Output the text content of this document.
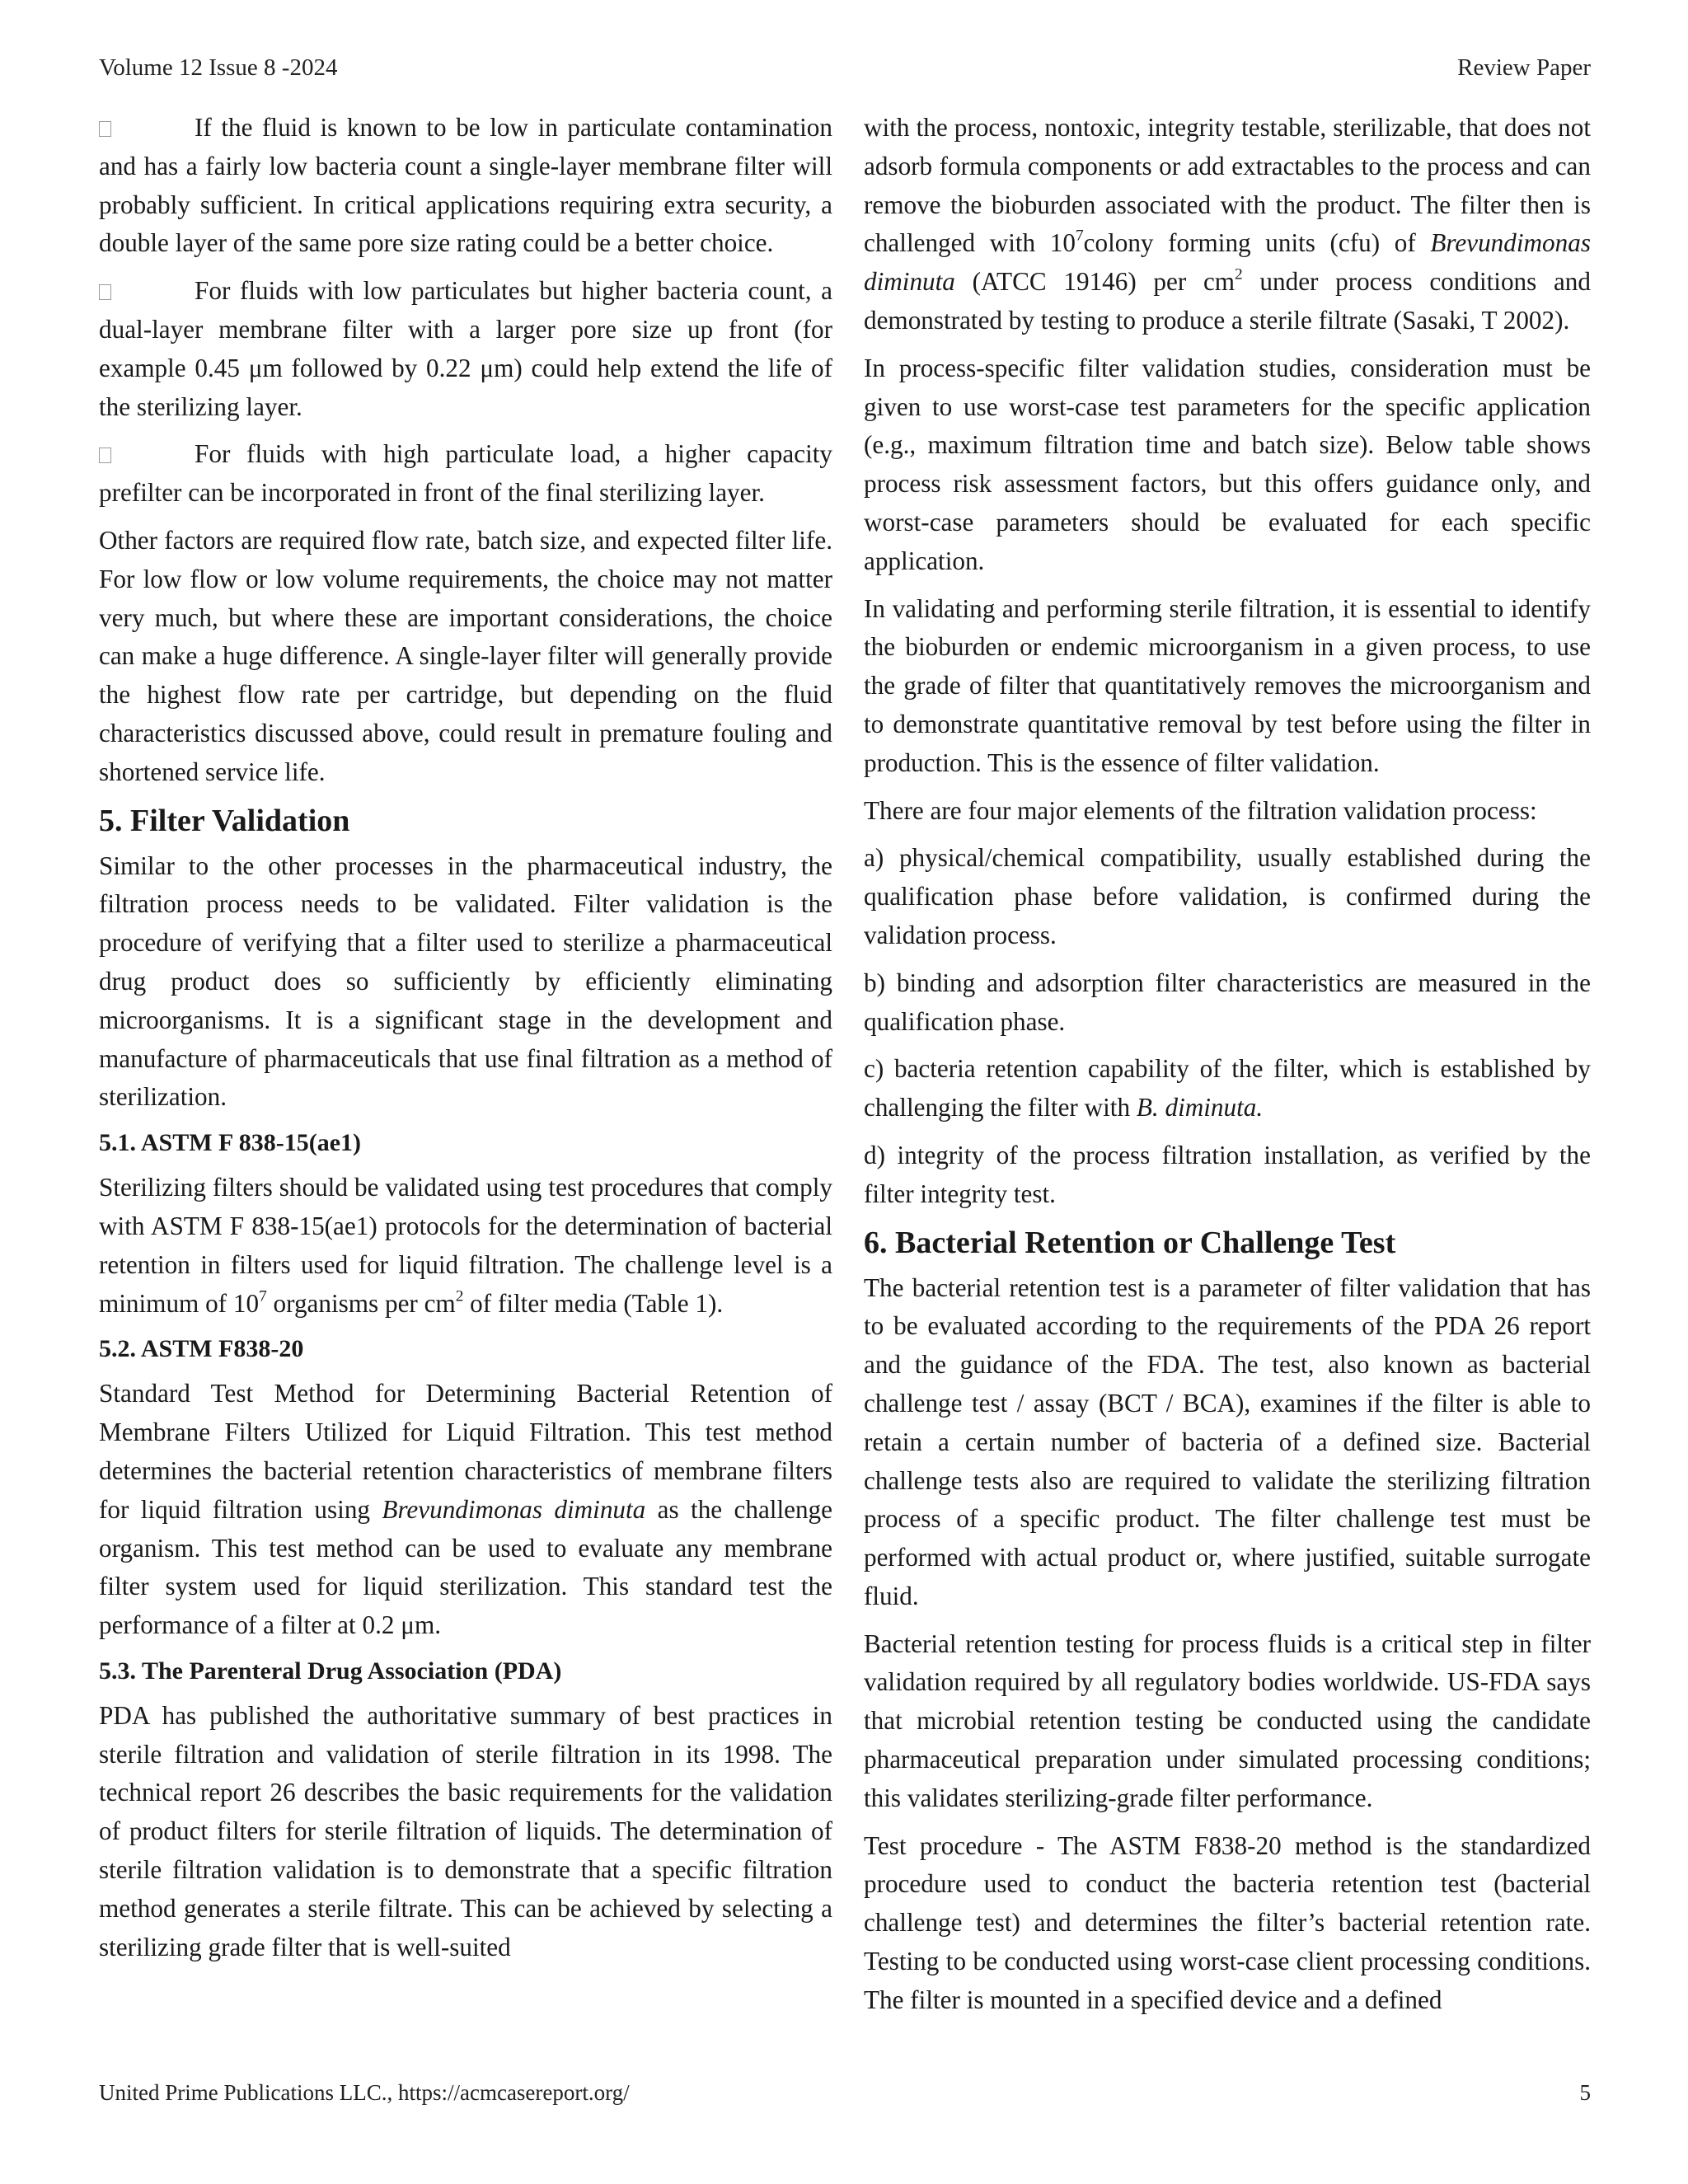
Volume 12 Issue 8 -2024	Review Paper

If the fluid is known to be low in particulate contamination and has a fairly low bacteria count a single-layer membrane filter will probably sufficient. In critical applications requiring extra security, a double layer of the same pore size rating could be a better choice.

For fluids with low particulates but higher bacteria count, a dual-layer membrane filter with a larger pore size up front (for example 0.45 μm followed by 0.22 μm) could help extend the life of the sterilizing layer.

For fluids with high particulate load, a higher capacity prefilter can be incorporated in front of the final sterilizing layer.

Other factors are required flow rate, batch size, and expected filter life. For low flow or low volume requirements, the choice may not matter very much, but where these are important considerations, the choice can make a huge difference. A single-layer filter will generally provide the highest flow rate per cartridge, but depending on the fluid characteristics discussed above, could result in premature fouling and shortened service life.

5. Filter Validation

Similar to the other processes in the pharmaceutical industry, the filtration process needs to be validated. Filter validation is the procedure of verifying that a filter used to sterilize a pharmaceutical drug product does so sufficiently by efficiently eliminating microorganisms. It is a significant stage in the development and manufacture of pharmaceuticals that use final filtration as a method of sterilization.

5.1. ASTM F 838-15(ae1)

Sterilizing filters should be validated using test procedures that comply with ASTM F 838-15(ae1) protocols for the determination of bacterial retention in filters used for liquid filtration. The challenge level is a minimum of $10^7$ organisms per $cm^2$ of filter media (Table 1).

5.2. ASTM F838-20

Standard Test Method for Determining Bacterial Retention of Membrane Filters Utilized for Liquid Filtration. This test method determines the bacterial retention characteristics of membrane filters for liquid filtration using Brevundimonas diminuta as the challenge organism. This test method can be used to evaluate any membrane filter system used for liquid sterilization. This standard test the performance of a filter at 0.2 μm.

5.3. The Parenteral Drug Association (PDA)

PDA has published the authoritative summary of best practices in sterile filtration and validation of sterile filtration in its 1998. The technical report 26 describes the basic requirements for the validation of product filters for sterile filtration of liquids. The determination of sterile filtration validation is to demonstrate that a specific filtration method generates a sterile filtrate. This can be achieved by selecting a sterilizing grade filter that is well-suited

with the process, nontoxic, integrity testable, sterilizable, that does not adsorb formula components or add extractables to the process and can remove the bioburden associated with the product. The filter then is challenged with $10^7colony$ forming units (cfu) of Brevundimonas diminuta (ATCC 19146) per $cm^2$ under process conditions and demonstrated by testing to produce a sterile filtrate (Sasaki, T 2002).

In process-specific filter validation studies, consideration must be given to use worst-case test parameters for the specific application (e.g., maximum filtration time and batch size). Below table shows process risk assessment factors, but this offers guidance only, and worst-case parameters should be evaluated for each specific application.

In validating and performing sterile filtration, it is essential to identify the bioburden or endemic microorganism in a given process, to use the grade of filter that quantitatively removes the microorganism and to demonstrate quantitative removal by test before using the filter in production. This is the essence of filter validation.

There are four major elements of the filtration validation process:

a) physical/chemical compatibility, usually established during the qualification phase before validation, is confirmed during the validation process.

b) binding and adsorption filter characteristics are measured in the qualification phase.

c) bacteria retention capability of the filter, which is established by challenging the filter with B. diminuta.

d) integrity of the process filtration installation, as verified by the filter integrity test.

6. Bacterial Retention or Challenge Test

The bacterial retention test is a parameter of filter validation that has to be evaluated according to the requirements of the PDA 26 report and the guidance of the FDA. The test, also known as bacterial challenge test / assay (BCT / BCA), examines if the filter is able to retain a certain number of bacteria of a defined size. Bacterial challenge tests also are required to validate the sterilizing filtration process of a specific product. The filter challenge test must be performed with actual product or, where justified, suitable surrogate fluid.

Bacterial retention testing for process fluids is a critical step in filter validation required by all regulatory bodies worldwide. US-FDA says that microbial retention testing be conducted using the candidate pharmaceutical preparation under simulated processing conditions; this validates sterilizing-grade filter performance.

Test procedure - The ASTM F838-20 method is the standardized procedure used to conduct the bacteria retention test (bacterial challenge test) and determines the filter’s bacterial retention rate. Testing to be conducted using worst-case client processing conditions. The filter is mounted in a specified device and a defined

United Prime Publications LLC., https://acmcasereport.org/	5
